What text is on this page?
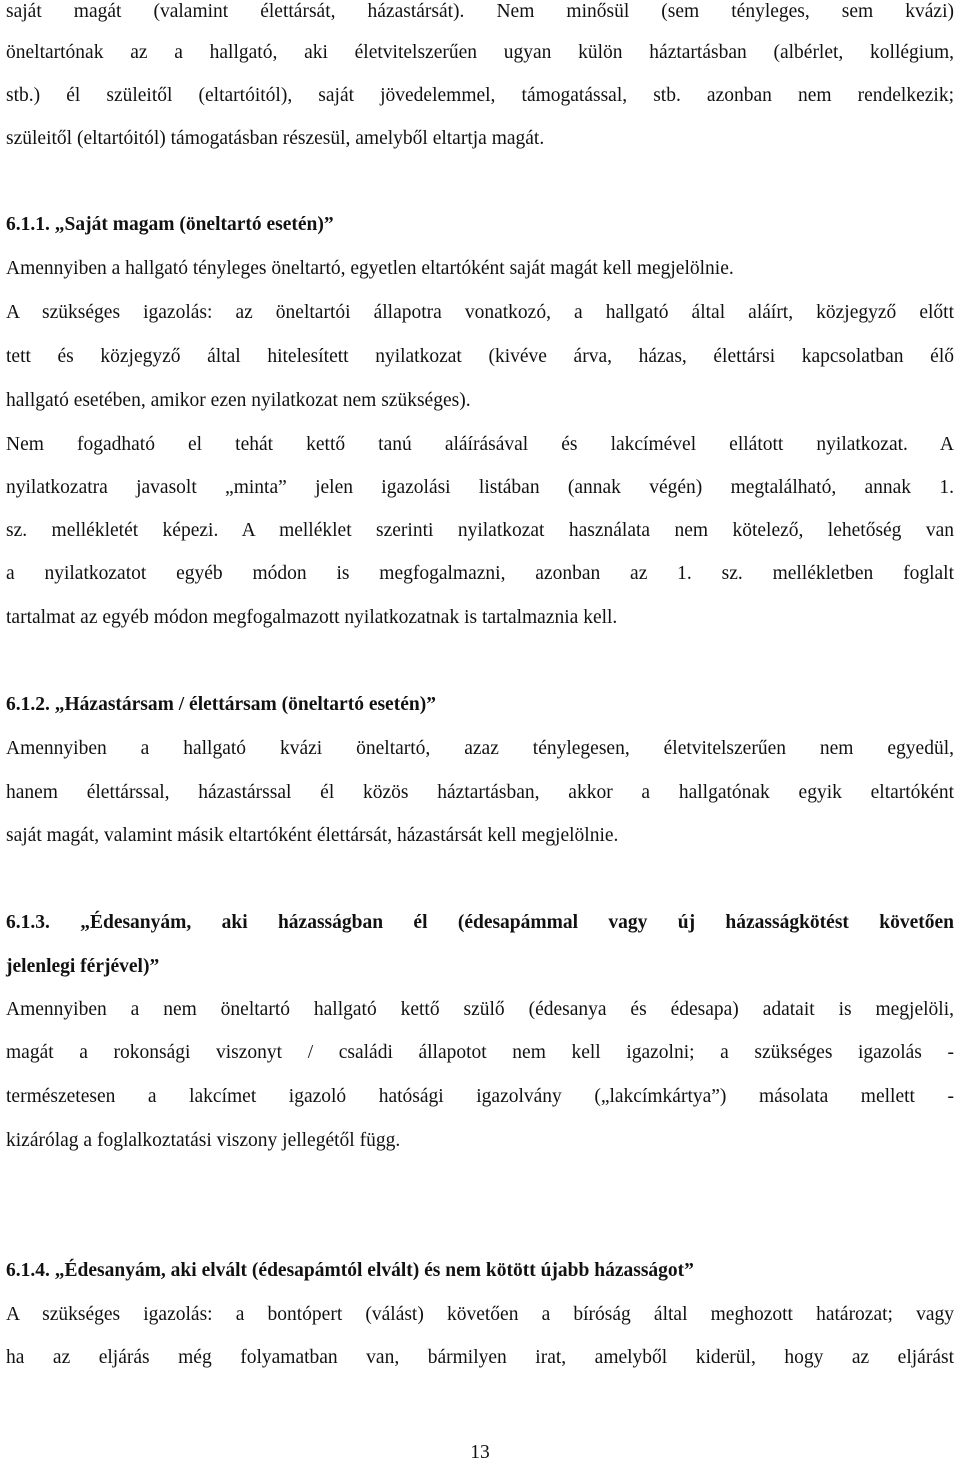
saját magát (valamint élettársát, házastársát). Nem minősül (sem tényleges, sem kvázi)
öneltartónak az a hallgató, aki életvitelszerűen ugyan külön háztartásban (albérlet, kollégium,
stb.) él szüleitől (eltartóitól), saját jövedelemmel, támogatással, stb. azonban nem rendelkezik;
szüleitől (eltartóitól) támogatásban részesül, amelyből eltartja magát.
6.1.1. „Saját magam (öneltartó esetén)”
Amennyiben a hallgató tényleges öneltartó, egyetlen eltartóként saját magát kell megjelölnie.
A szükséges igazolás: az öneltartói állapotra vonatkozó, a hallgató által aláírt, közjegyző előtt
tett és közjegyző által hitelesített nyilatkozat (kivéve árva, házas, élettársi kapcsolatban élő
hallgató esetében, amikor ezen nyilatkozat nem szükséges).
Nem fogadható el tehát kettő tanú aláírásával és lakcímével ellátott nyilatkozat. A
nyilatkozatra javasolt „minta” jelen igazolási listában (annak végén) megtalálható, annak 1.
sz. mellékletét képezi. A melléklet szerinti nyilatkozat használata nem kötelező, lehetőség van
a nyilatkozatot egyéb módon is megfogalmazni, azonban az 1. sz. mellékletben foglalt
tartalmat az egyéb módon megfogalmazott nyilatkozatnak is tartalmaznia kell.
6.1.2. „Házastársam / élettársam (öneltartó esetén)”
Amennyiben a hallgató kvázi öneltartó, azaz ténylegesen, életvitelszerűen nem egyedül,
hanem élettárssal, házastárssal él közös háztartásban, akkor a hallgatónak egyik eltartóként
saját magát, valamint másik eltartóként élettársát, házastársát kell megjelölnie.
6.1.3. „Édesanyám, aki házasságban él (édesapámmal vagy új házasságkötést követően
jelenlegi férjével)”
Amennyiben a nem öneltartó hallgató kettő szülő (édesanya és édesapa) adatait is megjelöli,
magát a rokonsági viszonyt / családi állapotot nem kell igazolni; a szükséges igazolás -
természetesen a lakcímet igazoló hatósági igazolvány („lakcímkártya”) másolata mellett -
kizárólag a foglalkoztatási viszony jellegétől függ.
6.1.4. „Édesanyám, aki elvált (édesapámtól elvált) és nem kötött újabb házasságot”
A szükséges igazolás: a bontópert (válást) követően a bíróság által meghozott határozat; vagy
ha az eljárás még folyamatban van, bármilyen irat, amelyből kiderül, hogy az eljárást
13
